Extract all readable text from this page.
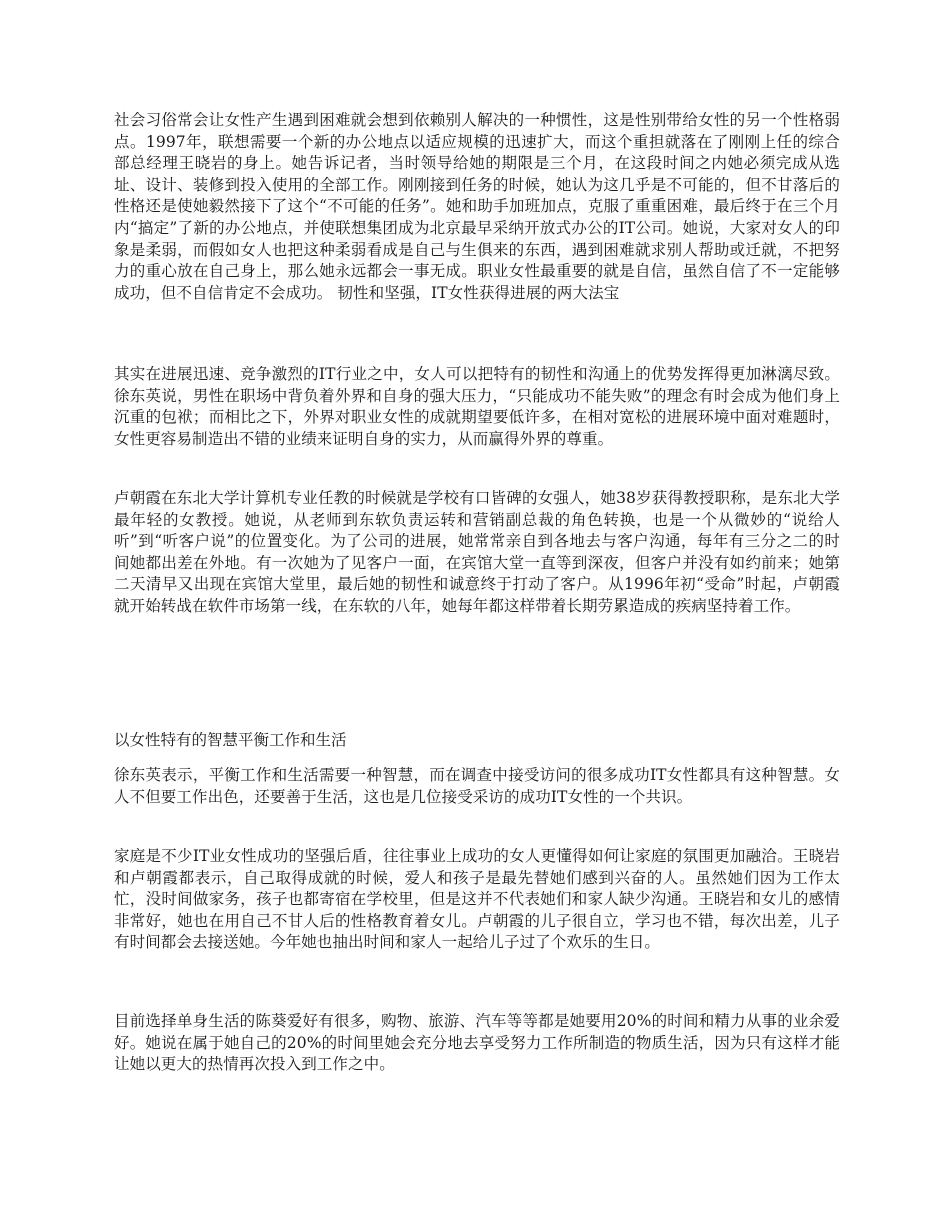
社会习俗常会让女性产生遇到困难就会想到依赖别人解决的一种惯性，这是性别带给女性的另一个性格弱点。1997年，联想需要一个新的办公地点以适应规模的迅速扩大，而这个重担就落在了刚刚上任的综合部总经理王晓岩的身上。她告诉记者，当时领导给她的期限是三个月，在这段时间之内她必须完成从选址、设计、装修到投入使用的全部工作。刚刚接到任务的时候，她认为这几乎是不可能的，但不甘落后的性格还是使她毅然接下了这个“不可能的任务”。她和助手加班加点，克服了重重困难，最后终于在三个月内“搞定”了新的办公地点，并使联想集团成为北京最早采纳开放式办公的IT公司。她说，大家对女人的印象是柔弱，而假如女人也把这种柔弱看成是自己与生俱来的东西，遇到困难就求别人帮助或迁就，不把努力的重心放在自己身上，那么她永远都会一事无成。职业女性最重要的就是自信，虽然自信了不一定能够成功，但不自信肯定不会成功。 韧性和坚强，IT女性获得进展的两大法宝

其实在进展迅速、竞争激烈的IT行业之中，女人可以把特有的韧性和沟通上的优势发挥得更加淋漓尽致。徐东英说，男性在职场中背负着外界和自身的强大压力，“只能成功不能失败”的理念有时会成为他们身上沉重的包袱；而相比之下，外界对职业女性的成就期望要低许多，在相对宽松的进展环境中面对难题时，女性更容易制造出不错的业绩来证明自身的实力，从而赢得外界的尊重。

卢朝霞在东北大学计算机专业任教的时候就是学校有口皆碑的女强人，她38岁获得教授职称，是东北大学最年轻的女教授。她说，从老师到东软负责运转和营销副总裁的角色转换，也是一个从微妙的“说给人听”到“听客户说”的位置变化。为了公司的进展，她常常亲自到各地去与客户沟通，每年有三分之二的时间她都出差在外地。有一次她为了见客户一面，在宾馆大堂一直等到深夜，但客户并没有如约前来；她第二天清早又出现在宾馆大堂里，最后她的韧性和诚意终于打动了客户。从1996年初“受命”时起，卢朝霞就开始转战在软件市场第一线，在东软的八年，她每年都这样带着长期劳累造成的疾病坚持着工作。

以女性特有的智慧平衡工作和生活

徐东英表示，平衡工作和生活需要一种智慧，而在调查中接受访问的很多成功IT女性都具有这种智慧。女人不但要工作出色，还要善于生活，这也是几位接受采访的成功IT女性的一个共识。

家庭是不少IT业女性成功的坚强后盾，往往事业上成功的女人更懂得如何让家庭的氛围更加融洽。王晓岩和卢朝霞都表示，自己取得成就的时候，爱人和孩子是最先替她们感到兴奋的人。虽然她们因为工作太忙，没时间做家务，孩子也都寄宿在学校里，但是这并不代表她们和家人缺少沟通。王晓岩和女儿的感情非常好，她也在用自己不甘人后的性格教育着女儿。卢朝霞的儿子很自立，学习也不错，每次出差，儿子有时间都会去接送她。今年她也抽出时间和家人一起给儿子过了个欢乐的生日。

目前选择单身生活的陈葵爱好有很多，购物、旅游、汽车等等都是她要用20%的时间和精力从事的业余爱好。她说在属于她自己的20%的时间里她会充分地去享受努力工作所制造的物质生活，因为只有这样才能让她以更大的热情再次投入到工作之中。
